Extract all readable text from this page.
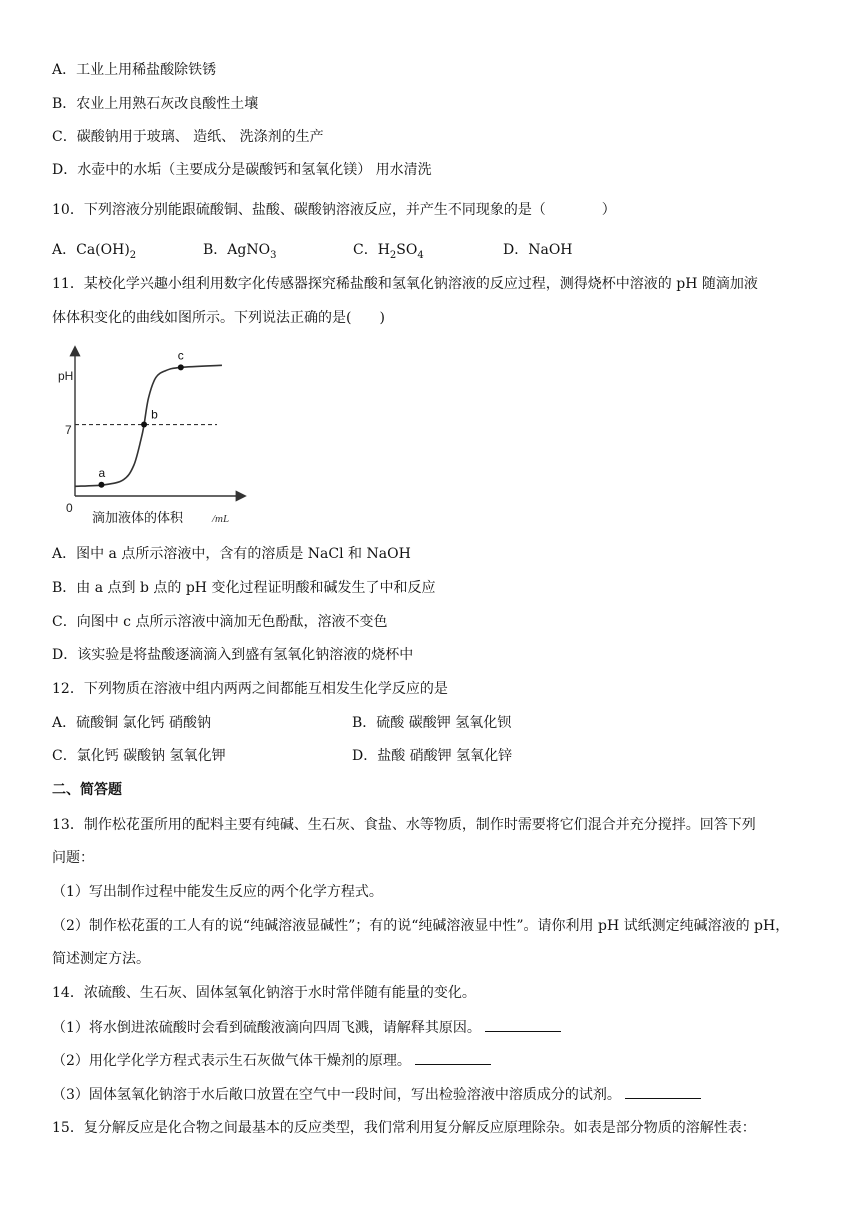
A．工业上用稀盐酸除铁锈
B．农业上用熟石灰改良酸性土壤
C．碳酸钠用于玻璃、 造纸、 洗涤剂的生产
D．水壶中的水垢（主要成分是碳酸钙和氢氧化镁） 用水清洗
10．下列溶液分别能跟硫酸铜、盐酸、碳酸钠溶液反应，并产生不同现象的是（　　　　）
A．$Ca(OH)_2$	B．AgNO$_3$	C．$H_2SO_4$	D．NaOH
11．某校化学兴趣小组利用数字化传感器探究稀盐酸和氢氧化钠溶液的反应过程，测得烧杯中溶液的 pH 随滴加液
体体积变化的曲线如图所示。下列说法正确的是(　　)
pH
0
7
a
b
c
滴加液体的体积	/mL
A．图中 a 点所示溶液中，含有的溶质是 NaCl 和 NaOH
B．由 a 点到 b 点的 pH 变化过程证明酸和碱发生了中和反应
C．向图中 c 点所示溶液中滴加无色酚酞，溶液不变色
D．该实验是将盐酸逐滴滴入到盛有氢氧化钠溶液的烧杯中
12．下列物质在溶液中组内两两之间都能互相发生化学反应的是
A．硫酸铜 氯化钙 硝酸钠	B．硫酸 碳酸钾 氢氧化钡
C．氯化钙 碳酸钠 氢氧化钾	D．盐酸 硝酸钾 氢氧化锌
二、简答题
13．制作松花蛋所用的配料主要有纯碱、生石灰、食盐、水等物质，制作时需要将它们混合并充分搅拌。回答下列
问题：
（1）写出制作过程中能发生反应的两个化学方程式。
（2）制作松花蛋的工人有的说“纯碱溶液显碱性”；有的说“纯碱溶液显中性”。请你利用 pH 试纸测定纯碱溶液的 pH，
简述测定方法。
14．浓硫酸、生石灰、固体氢氧化钠溶于水时常伴随有能量的变化。
（1）将水倒进浓硫酸时会看到硫酸液滴向四周飞溅，请解释其原因。
（2）用化学化学方程式表示生石灰做气体干燥剂的原理。
（3）固体氢氧化钠溶于水后敞口放置在空气中一段时间，写出检验溶液中溶质成分的试剂。
15．复分解反应是化合物之间最基本的反应类型，我们常利用复分解反应原理除杂。如表是部分物质的溶解性表：
